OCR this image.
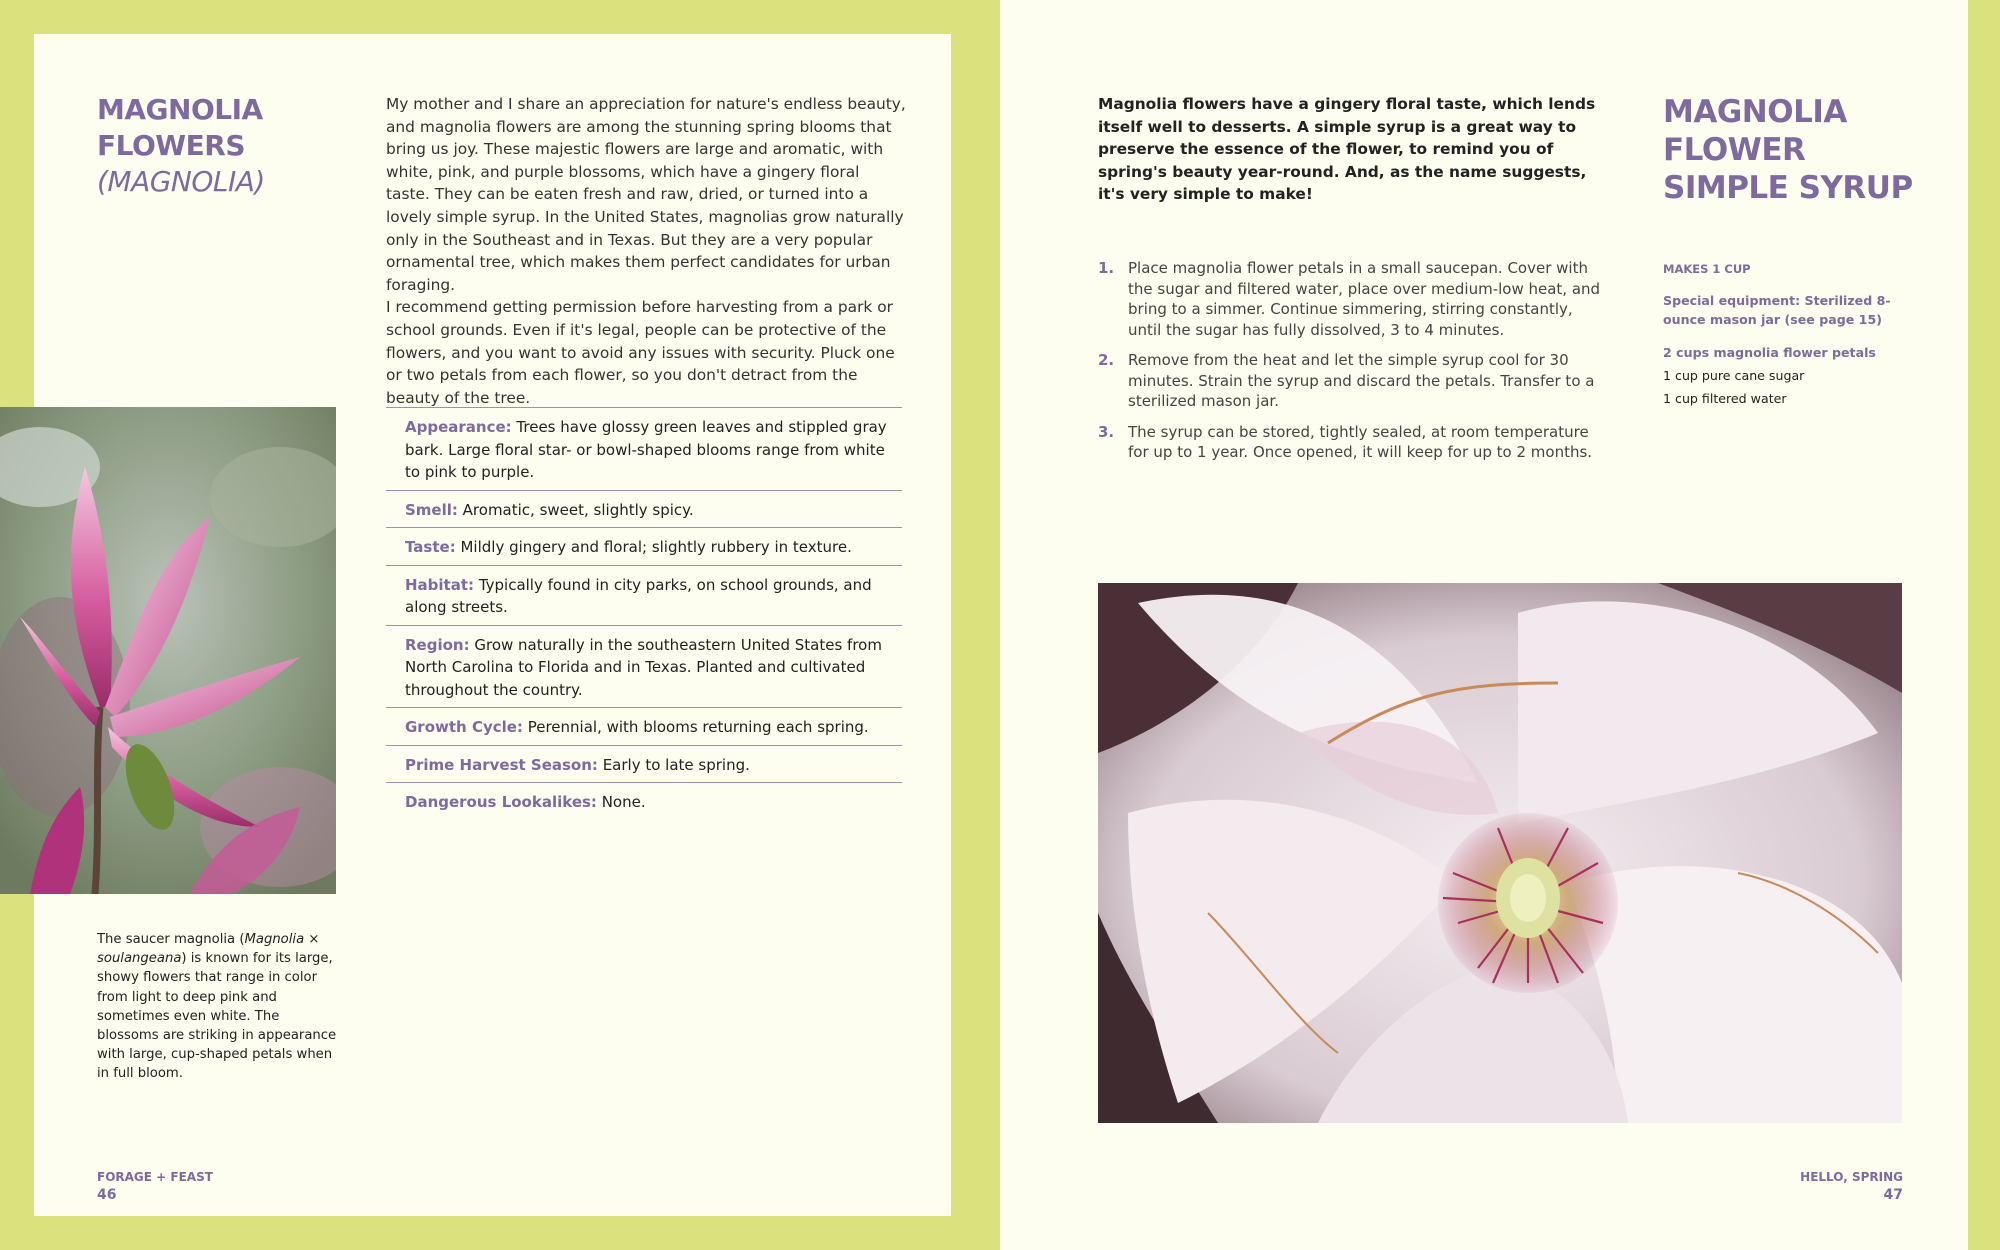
MAGNOLIA
FLOWERS
(MAGNOLIA)
My mother and I share an appreciation for nature's endless beauty, and magnolia flowers are among the stunning spring blooms that bring us joy. These majestic flowers are large and aromatic, with white, pink, and purple blossoms, which have a gingery floral taste. They can be eaten fresh and raw, dried, or turned into a lovely simple syrup. In the United States, magnolias grow naturally only in the Southeast and in Texas. But they are a very popular ornamental tree, which makes them perfect candidates for urban foraging.
I recommend getting permission before harvesting from a park or school grounds. Even if it's legal, people can be protective of the flowers, and you want to avoid any issues with security. Pluck one or two petals from each flower, so you don't detract from the beauty of the tree.
Appearance: Trees have glossy green leaves and stippled gray bark. Large floral star- or bowl-shaped blooms range from white to pink to purple.
Smell: Aromatic, sweet, slightly spicy.
Taste: Mildly gingery and floral; slightly rubbery in texture.
Habitat: Typically found in city parks, on school grounds, and along streets.
Region: Grow naturally in the southeastern United States from North Carolina to Florida and in Texas. Planted and cultivated throughout the country.
Growth Cycle: Perennial, with blooms returning each spring.
Prime Harvest Season: Early to late spring.
Dangerous Lookalikes: None.
The saucer magnolia (Magnolia × soulangeana) is known for its large, showy flowers that range in color from light to deep pink and sometimes even white. The blossoms are striking in appearance with large, cup-shaped petals when in full bloom.
FORAGE + FEAST
46
Magnolia flowers have a gingery floral taste, which lends itself well to desserts. A simple syrup is a great way to preserve the essence of the flower, to remind you of spring's beauty year-round. And, as the name suggests, it's very simple to make!
MAGNOLIA
FLOWER
SIMPLE SYRUP
1. Place magnolia flower petals in a small saucepan. Cover with the sugar and filtered water, place over medium-low heat, and bring to a simmer. Continue simmering, stirring constantly, until the sugar has fully dissolved, 3 to 4 minutes.
2. Remove from the heat and let the simple syrup cool for 30 minutes. Strain the syrup and discard the petals. Transfer to a sterilized mason jar.
3. The syrup can be stored, tightly sealed, at room temperature for up to 1 year. Once opened, it will keep for up to 2 months.
MAKES 1 CUP
Special equipment: Sterilized 8-ounce mason jar (see page 15)
2 cups magnolia flower petals
1 cup pure cane sugar
1 cup filtered water
HELLO, SPRING
47
